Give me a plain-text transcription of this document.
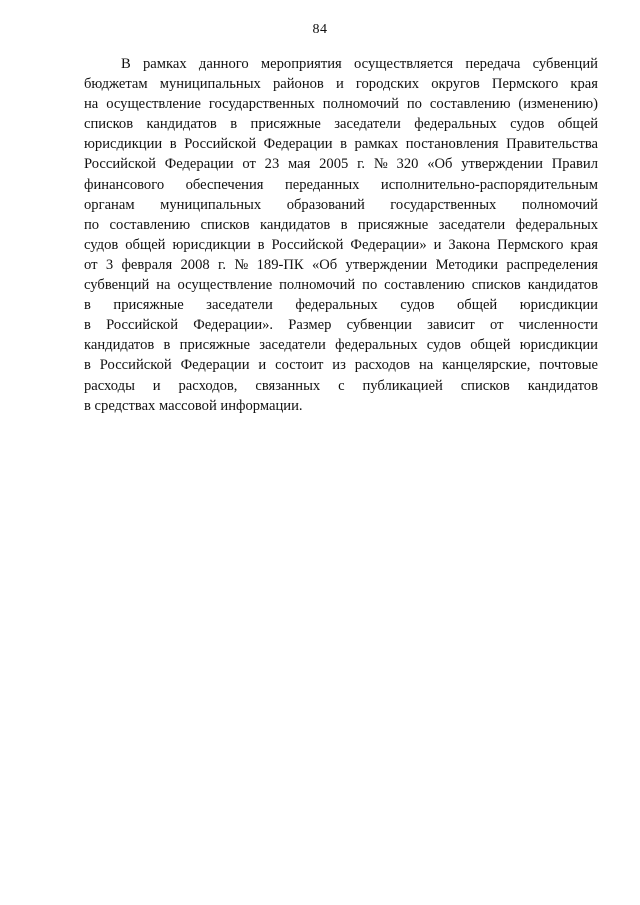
84
В рамках данного мероприятия осуществляется передача субвенций
бюджетам муниципальных районов и городских округов Пермского края
на осуществление государственных полномочий по составлению (изменению)
списков кандидатов в присяжные заседатели федеральных судов общей
юрисдикции в Российской Федерации в рамках постановления Правительства
Российской Федерации от 23 мая 2005 г. № 320 «Об утверждении Правил
финансового обеспечения переданных исполнительно-распорядительным
органам муниципальных образований государственных полномочий
по составлению списков кандидатов в присяжные заседатели федеральных
судов общей юрисдикции в Российской Федерации» и Закона Пермского края
от 3 февраля 2008 г. № 189-ПК «Об утверждении Методики распределения
субвенций на осуществление полномочий по составлению списков кандидатов
в присяжные заседатели федеральных судов общей юрисдикции
в Российской Федерации». Размер субвенции зависит от численности
кандидатов в присяжные заседатели федеральных судов общей юрисдикции
в Российской Федерации и состоит из расходов на канцелярские, почтовые
расходы и расходов, связанных с публикацией списков кандидатов
в средствах массовой информации.
